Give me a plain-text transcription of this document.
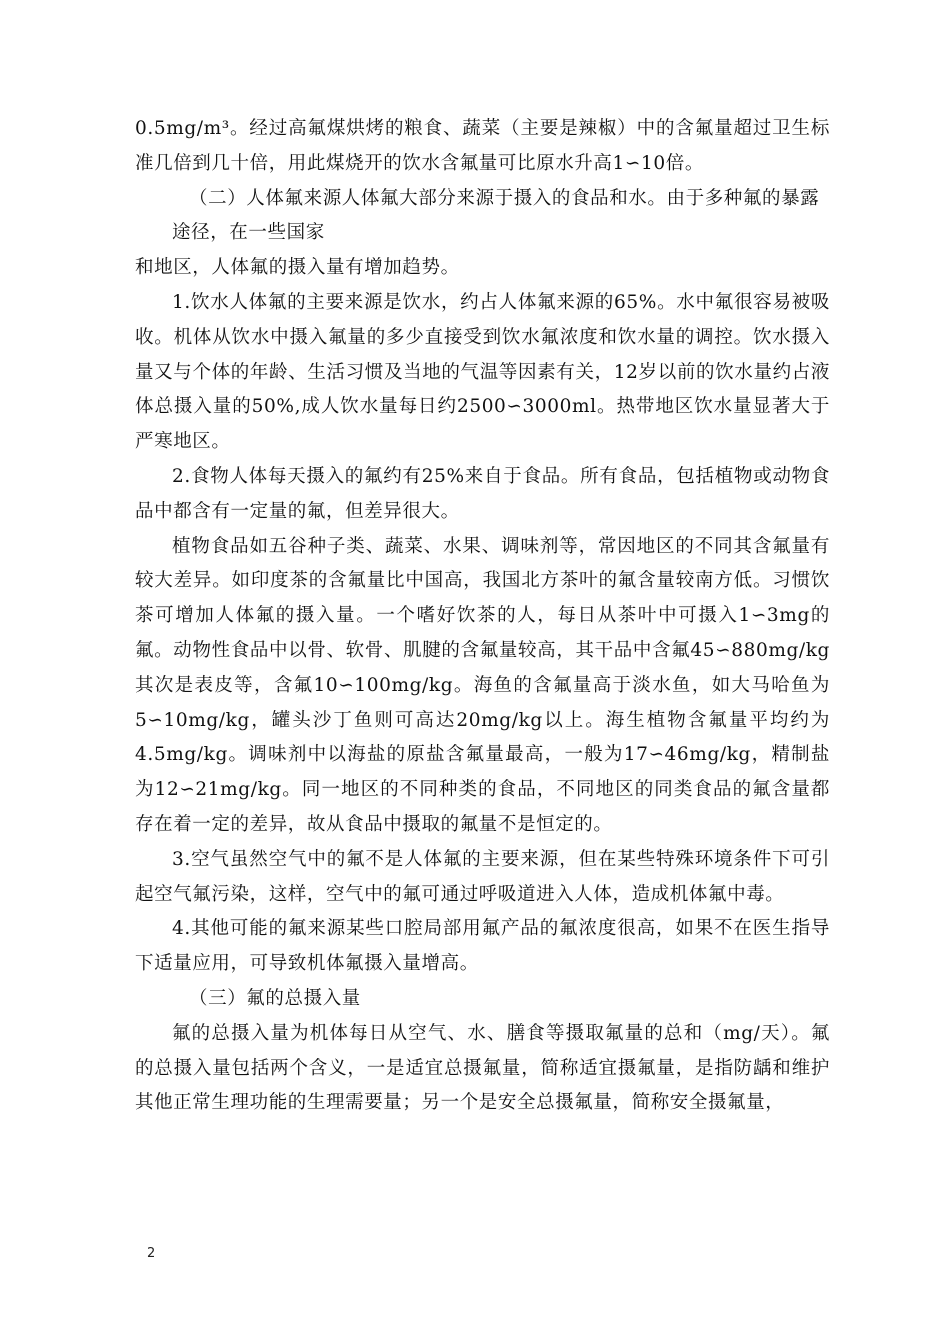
0.5mg/m³。经过高氟煤烘烤的粮食、蔬菜（主要是辣椒）中的含氟量超过卫生标准几倍到几十倍，用此煤烧开的饮水含氟量可比原水升高1∽10倍。

（二）人体氟来源人体氟大部分来源于摄入的食品和水。由于多种氟的暴露

途径，在一些国家

和地区，人体氟的摄入量有增加趋势。

1.饮水人体氟的主要来源是饮水，约占人体氟来源的65%。水中氟很容易被吸收。机体从饮水中摄入氟量的多少直接受到饮水氟浓度和饮水量的调控。饮水摄入量又与个体的年龄、生活习惯及当地的气温等因素有关，12岁以前的饮水量约占液体总摄入量的50%,成人饮水量每日约2500∽3000ml。热带地区饮水量显著大于严寒地区。

2.食物人体每天摄入的氟约有25%来自于食品。所有食品，包括植物或动物食品中都含有一定量的氟，但差异很大。

植物食品如五谷种子类、蔬菜、水果、调味剂等，常因地区的不同其含氟量有较大差异。如印度茶的含氟量比中国高，我国北方茶叶的氟含量较南方低。习惯饮茶可增加人体氟的摄入量。一个嗜好饮茶的人，每日从茶叶中可摄入1∽3mg的氟。动物性食品中以骨、软骨、肌腱的含氟量较高，其干品中含氟45∽880mg/kg其次是表皮等，含氟10∽100mg/kg。海鱼的含氟量高于淡水鱼，如大马哈鱼为5∽10mg/kg，罐头沙丁鱼则可高达20mg/kg以上。海生植物含氟量平均约为4.5mg/kg。调味剂中以海盐的原盐含氟量最高，一般为17∽46mg/kg，精制盐为12∽21mg/kg。同一地区的不同种类的食品，不同地区的同类食品的氟含量都存在着一定的差异，故从食品中摄取的氟量不是恒定的。

3.空气虽然空气中的氟不是人体氟的主要来源，但在某些特殊环境条件下可引起空气氟污染，这样，空气中的氟可通过呼吸道进入人体，造成机体氟中毒。

4.其他可能的氟来源某些口腔局部用氟产品的氟浓度很高，如果不在医生指导下适量应用，可导致机体氟摄入量增高。

（三）氟的总摄入量

氟的总摄入量为机体每日从空气、水、膳食等摄取氟量的总和（mg/天）。氟的总摄入量包括两个含义，一是适宜总摄氟量，简称适宜摄氟量，是指防龋和维护其他正常生理功能的生理需要量；另一个是安全总摄氟量，简称安全摄氟量，

2
